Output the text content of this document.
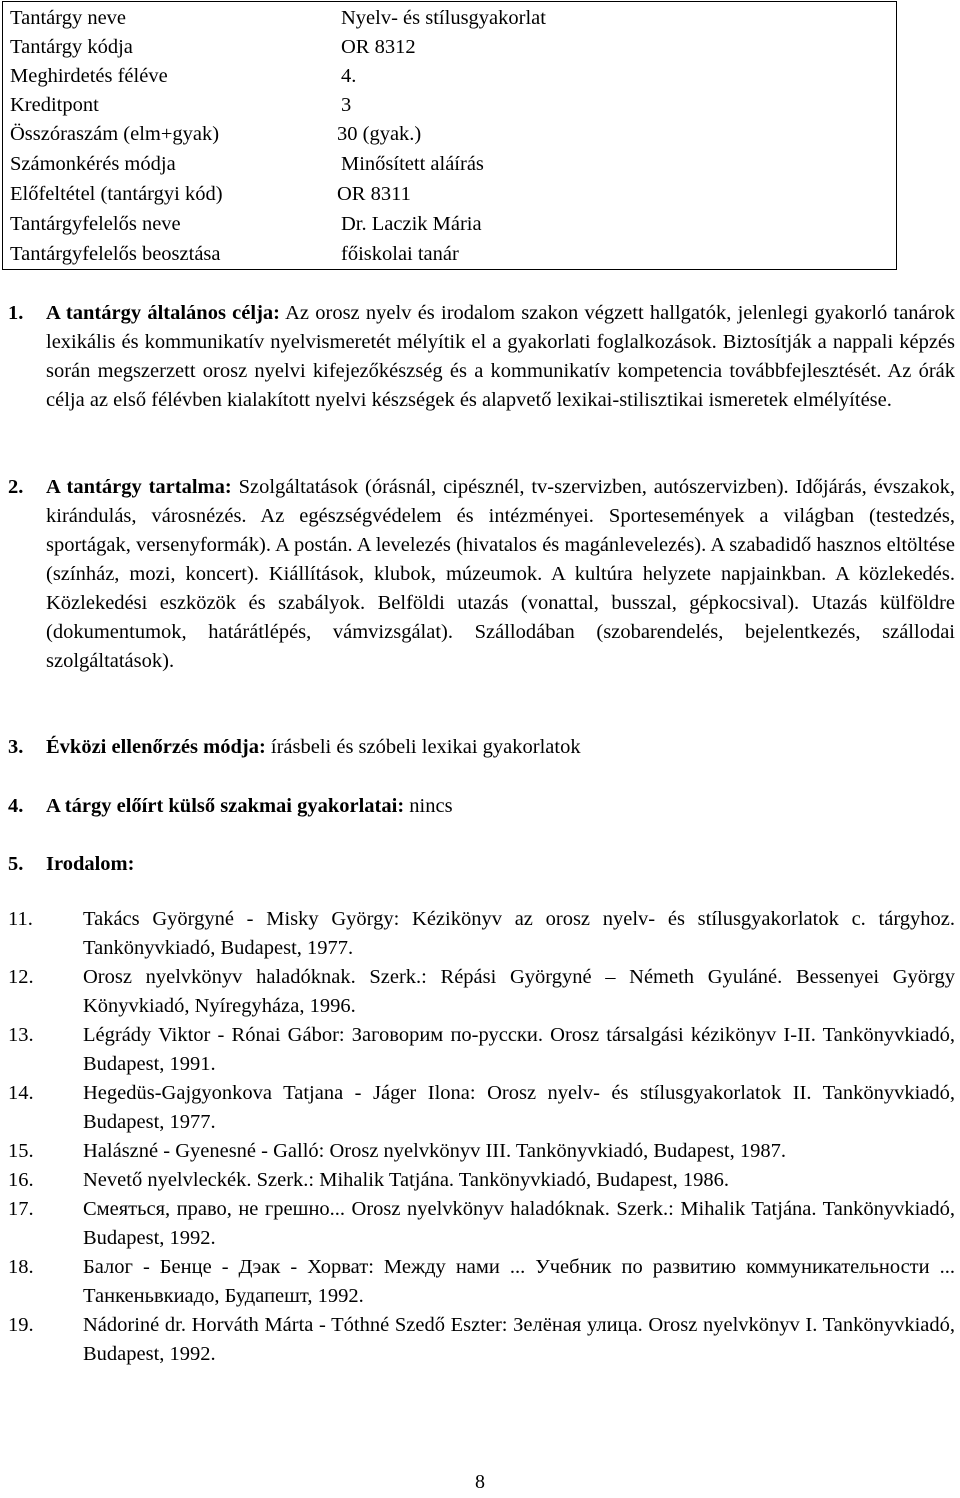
Tantárgy neve	Nyelv- és stílusgyakorlat
Tantárgy kódja	OR 8312
Meghirdetés féléve	4.
Kreditpont	3
Összóraszám (elm+gyak)	30 (gyak.)
Számonkérés módja	Minősített aláírás
Előfeltétel (tantárgyi kód)	OR 8311
Tantárgyfelelős neve	Dr. Laczik Mária
Tantárgyfelelős beosztása	főiskolai tanár
1. A tantárgy általános célja: Az orosz nyelv és irodalom szakon végzett hallgatók, jelenlegi gyakorló tanárok lexikális és kommunikatív nyelvismeretét mélyítik el a gyakorlati foglalkozások. Biztosítják a nappali képzés során megszerzett orosz nyelvi kifejezőkészség és a kommunikatív kompetencia továbbfejlesztését. Az órák célja az első félévben kialakított nyelvi készségek és alapvető lexikai-stilisztikai ismeretek elmélyítése.
2. A tantárgy tartalma: Szolgáltatások (órásnál, cipésznél, tv-szervizben, autószervizben). Időjárás, évszakok, kirándulás, városnézés. Az egészségvédelem és intézményei. Sportesemények a világban (testedzés, sportágak, versenyformák). A postán. A levelezés (hivatalos és magánlevelezés). A szabadidő hasznos eltöltése (színház, mozi, koncert). Kiállítások, klubok, múzeumok. A kultúra helyzete napjainkban. A közlekedés. Közlekedési eszközök és szabályok. Belföldi utazás (vonattal, busszal, gépkocsival). Utazás külföldre (dokumentumok, határátlépés, vámvizsgálat). Szállodában (szobarendelés, bejelentkezés, szállodai szolgáltatások).
3. Évközi ellenőrzés módja: írásbeli és szóbeli lexikai gyakorlatok
4. A tárgy előírt külső szakmai gyakorlatai: nincs
5. Irodalom:
11. Takács Györgyné - Misky György: Kézikönyv az orosz nyelv- és stílusgyakorlatok c. tárgyhoz. Tankönyvkiadó, Budapest, 1977.
12. Orosz nyelvkönyv haladóknak. Szerk.: Répási Györgyné – Németh Gyuláné. Bessenyei György Könyvkiadó, Nyíregyháza, 1996.
13. Légrády Viktor - Rónai Gábor: Заговорим по-русски. Orosz társalgási kézikönyv I-II. Tankönyvkiadó, Budapest, 1991.
14. Hegedüs-Gajgyonkova Tatjana - Jáger Ilona: Orosz nyelv- és stílusgyakorlatok II. Tankönyvkiadó, Budapest, 1977.
15. Halászné - Gyenesné - Galló: Orosz nyelvkönyv III. Tankönyvkiadó, Budapest, 1987.
16. Nevető nyelvleckék. Szerk.: Mihalik Tatjána. Tankönyvkiadó, Budapest, 1986.
17. Смеяться, право, не грешно... Orosz nyelvkönyv haladóknak. Szerk.: Mihalik Tatjána. Tankönyvkiadó, Budapest, 1992.
18. Балог - Бенце - Дэак - Хорват: Между нами ... Учебник по развитию коммуникательности ... Танкеньвкиадо, Будапешт, 1992.
19. Nádoriné dr. Horváth Márta - Tóthné Szedő Eszter: Зелёная улица. Orosz nyelvkönyv I. Tankönyvkiadó, Budapest, 1992.
8
